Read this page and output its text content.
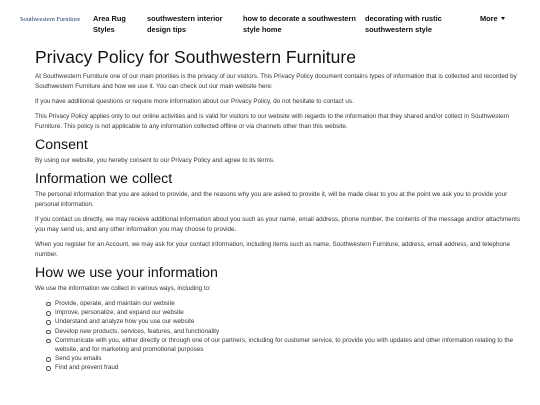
Southwestern Furniture	Area Rug Styles
southwestern interior design tips
how to decorate a southwestern style home
decorating with rustic southwestern style
More
Privacy Policy for Southwestern Furniture

At Southwestern Furniture one of our main priorities is the privacy of our visitors. This Privacy Policy document contains types of information that is collected and recorded by Southwestern Furniture and how we use it. You can check out our main website here:

If you have additional questions or require more information about our Privacy Policy, do not hesitate to contact us.

This Privacy Policy applies only to our online activities and is valid for visitors to our website with regards to the information that they shared and/or collect in Southwestern Furniture. This policy is not applicable to any information collected offline or via channels other than this website.

Consent

By using our website, you hereby consent to our Privacy Policy and agree to its terms.

Information we collect

The personal information that you are asked to provide, and the reasons why you are asked to provide it, will be made clear to you at the point we ask you to provide your personal information.

If you contact us directly, we may receive additional information about you such as your name, email address, phone number, the contents of the message and/or attachments you may send us, and any other information you may choose to provide.

When you register for an Account, we may ask for your contact information, including items such as name, Southwestern Furniture, address, email address, and telephone number.

How we use your information

We use the information we collect in various ways, including to:

Provide, operate, and maintain our website
Improve, personalize, and expand our website
Understand and analyze how you use our website
Develop new products, services, features, and functionality
Communicate with you, either directly or through one of our partners, including for customer service, to provide you with updates and other information relating to the website, and for marketing and promotional purposes
Send you emails
Find and prevent fraud
